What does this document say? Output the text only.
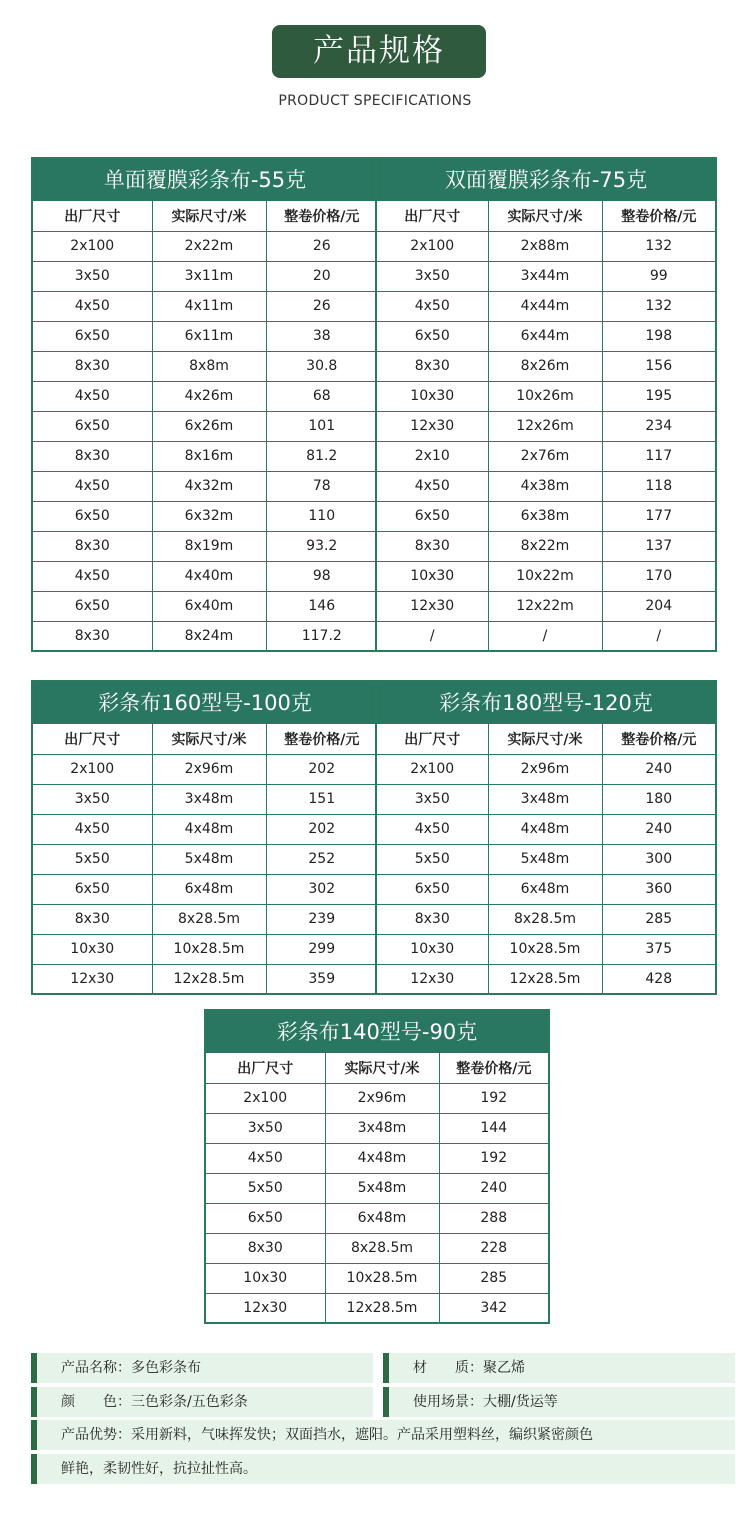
产品规格
PRODUCT SPECIFICATIONS
单面覆膜彩条布-55克		
出厂尺寸	实际尺寸/米	整卷价格/元
2x100	2x22m	26
3x50	3x11m	20
4x50	4x11m	26
6x50	6x11m	38
8x30	8x8m	30.8
4x50	4x26m	68
6x50	6x26m	101
8x30	8x16m	81.2
4x50	4x32m	78
6x50	6x32m	110
8x30	8x19m	93.2
4x50	4x40m	98
6x50	6x40m	146
8x30	8x24m	117.2
双面覆膜彩条布-75克		
出厂尺寸	实际尺寸/米	整卷价格/元
2x100	2x88m	132
3x50	3x44m	99
4x50	4x44m	132
6x50	6x44m	198
8x30	8x26m	156
10x30	10x26m	195
12x30	12x26m	234
2x10	2x76m	117
4x50	4x38m	118
6x50	6x38m	177
8x30	8x22m	137
10x30	10x22m	170
12x30	12x22m	204
/	/	/
彩条布160型号-100克		
出厂尺寸	实际尺寸/米	整卷价格/元
2x100	2x96m	202
3x50	3x48m	151
4x50	4x48m	202
5x50	5x48m	252
6x50	6x48m	302
8x30	8x28.5m	239
10x30	10x28.5m	299
12x30	12x28.5m	359
彩条布180型号-120克		
出厂尺寸	实际尺寸/米	整卷价格/元
2x100	2x96m	240
3x50	3x48m	180
4x50	4x48m	240
5x50	5x48m	300
6x50	6x48m	360
8x30	8x28.5m	285
10x30	10x28.5m	375
12x30	12x28.5m	428
彩条布140型号-90克		
出厂尺寸	实际尺寸/米	整卷价格/元
2x100	2x96m	192
3x50	3x48m	144
4x50	4x48m	192
5x50	5x48m	240
6x50	6x48m	288
8x30	8x28.5m	228
10x30	10x28.5m	285
12x30	12x28.5m	342
产品名称：多色彩条布	材　　质：聚乙烯
颜　　色：三色彩条/五色彩条	使用场景：大棚/货运等
产品优势：采用新料，气味挥发快；双面挡水，遮阳。产品采用塑料丝，编织紧密颜色
鲜艳，柔韧性好，抗拉扯性高。
